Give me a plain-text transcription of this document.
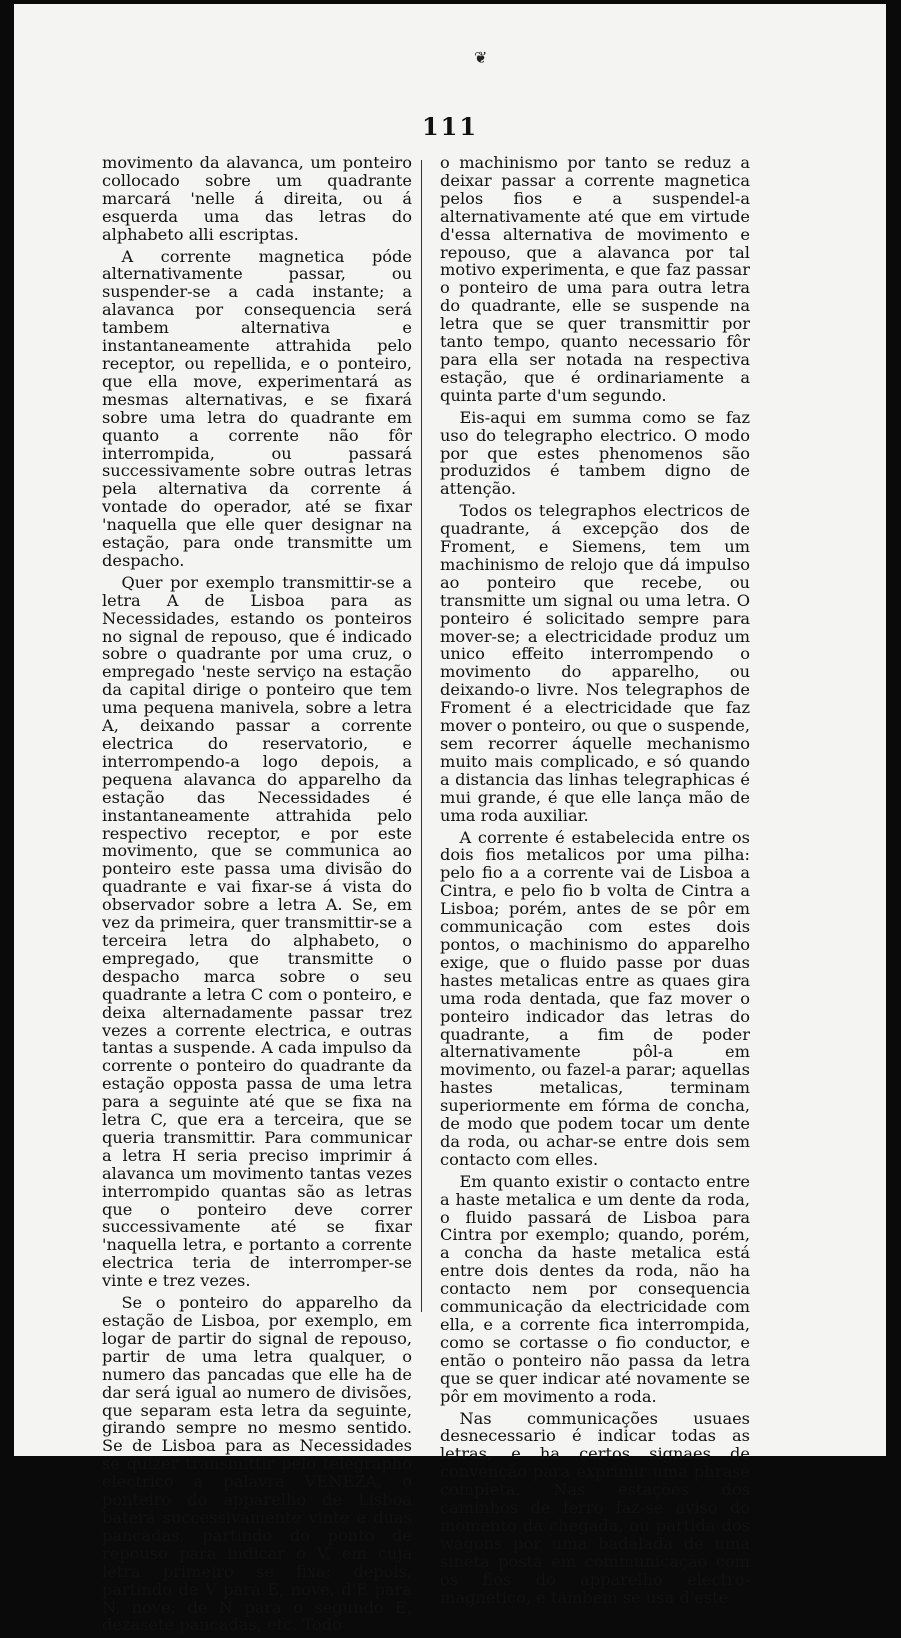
❦
111

movimento da alavanca, um ponteiro collocado sobre um quadrante marcará 'nelle á direita, ou á esquerda uma das letras do alphabeto alli escriptas.

A corrente magnetica póde alternativamente passar, ou suspender-se a cada instante; a alavanca por consequencia será tambem alternativa e instantaneamente attrahida pelo receptor, ou repellida, e o ponteiro, que ella move, experimentará as mesmas alternativas, e se fixará sobre uma letra do quadrante em quanto a corrente não fôr interrompida, ou passará successivamente sobre outras letras pela alternativa da corrente á vontade do operador, até se fixar 'naquella que elle quer designar na estação, para onde transmitte um despacho.

Quer por exemplo transmittir-se a letra A de Lisboa para as Necessidades, estando os ponteiros no signal de repouso, que é indicado sobre o quadrante por uma cruz, o empregado 'neste serviço na estação da capital dirige o ponteiro que tem uma pequena manivela, sobre a letra A, deixando passar a corrente electrica do reservatorio, e interrompendo-a logo depois, a pequena alavanca do apparelho da estação das Necessidades é instantaneamente attrahida pelo respectivo receptor, e por este movimento, que se communica ao ponteiro este passa uma divisão do quadrante e vai fixar-se á vista do observador sobre a letra A. Se, em vez da primeira, quer transmittir-se a terceira letra do alphabeto, o empregado, que transmitte o despacho marca sobre o seu quadrante a letra C com o ponteiro, e deixa alternadamente passar trez vezes a corrente electrica, e outras tantas a suspende. A cada impulso da corrente o ponteiro do quadrante da estação opposta passa de uma letra para a seguinte até que se fixa na letra C, que era a terceira, que se queria transmittir. Para communicar a letra H seria preciso imprimir á alavanca um movimento tantas vezes interrompido quantas são as letras que o ponteiro deve correr successivamente até se fixar 'naquella letra, e portanto a corrente electrica teria de interromper-se vinte e trez vezes.

Se o ponteiro do apparelho da estação de Lisboa, por exemplo, em logar de partir do signal de repouso, partir de uma letra qualquer, o numero das pancadas que elle ha de dar será igual ao numero de divisões, que separam esta letra da seguinte, girando sempre no mesmo sentido. Se de Lisboa para as Necessidades se quizer transmittir pelo telegrapho electrico a palavra VENEZA, o ponteiro do apparelho de Lisboa baterá successivamente vinte e duas pancadas, partindo do ponto de repouso para indicar o V, em cuja letra primeiro se fixa; depois, partindo de V para E, nove, d'E para N, nove; de N para o segundo E, dezasete pancadas, etc. Todo

o machinismo por tanto se reduz a deixar passar a corrente magnetica pelos fios e a suspendel-a alternativamente até que em virtude d'essa alternativa de movimento e repouso, que a alavanca por tal motivo experimenta, e que faz passar o ponteiro de uma para outra letra do quadrante, elle se suspende na letra que se quer transmittir por tanto tempo, quanto necessario fôr para ella ser notada na respectiva estação, que é ordinariamente a quinta parte d'um segundo.

Eis-aqui em summa como se faz uso do telegrapho electrico. O modo por que estes phenomenos são produzidos é tambem digno de attenção.

Todos os telegraphos electricos de quadrante, á excepção dos de Froment, e Siemens, tem um machinismo de relojo que dá impulso ao ponteiro que recebe, ou transmitte um signal ou uma letra. O ponteiro é solicitado sempre para mover-se; a electricidade produz um unico effeito interrompendo o movimento do apparelho, ou deixando-o livre. Nos telegraphos de Froment é a electricidade que faz mover o ponteiro, ou que o suspende, sem recorrer áquelle mechanismo muito mais complicado, e só quando a distancia das linhas telegraphicas é mui grande, é que elle lança mão de uma roda auxiliar.

A corrente é estabelecida entre os dois fios metalicos por uma pilha: pelo fio a a corrente vai de Lisboa a Cintra, e pelo fio b volta de Cintra a Lisboa; porém, antes de se pôr em communicação com estes dois pontos, o machinismo do apparelho exige, que o fluido passe por duas hastes metalicas entre as quaes gira uma roda dentada, que faz mover o ponteiro indicador das letras do quadrante, a fim de poder alternativamente pôl-a em movimento, ou fazel-a parar; aquellas hastes metalicas, terminam superiormente em fórma de concha, de modo que podem tocar um dente da roda, ou achar-se entre dois sem contacto com elles.

Em quanto existir o contacto entre a haste metalica e um dente da roda, o fluido passará de Lisboa para Cintra por exemplo; quando, porém, a concha da haste metalica está entre dois dentes da roda, não ha contacto nem por consequencia communicação da electricidade com ella, e a corrente fica interrompida, como se cortasse o fio conductor, e então o ponteiro não passa da letra que se quer indicar até novamente se pôr em movimento a roda.

Nas communicações usuaes desnecessario é indicar todas as letras, e ha certos signaes de convenção para exprimir uma phrase completa. Nas estações dos caminhos de ferro faz-se aviso do momento da chegada, ou partida dos wagons por uma badalada de uma sineta posta em communicação com os fios do apparelho electro-magnetico, e tambem se usa d'este
